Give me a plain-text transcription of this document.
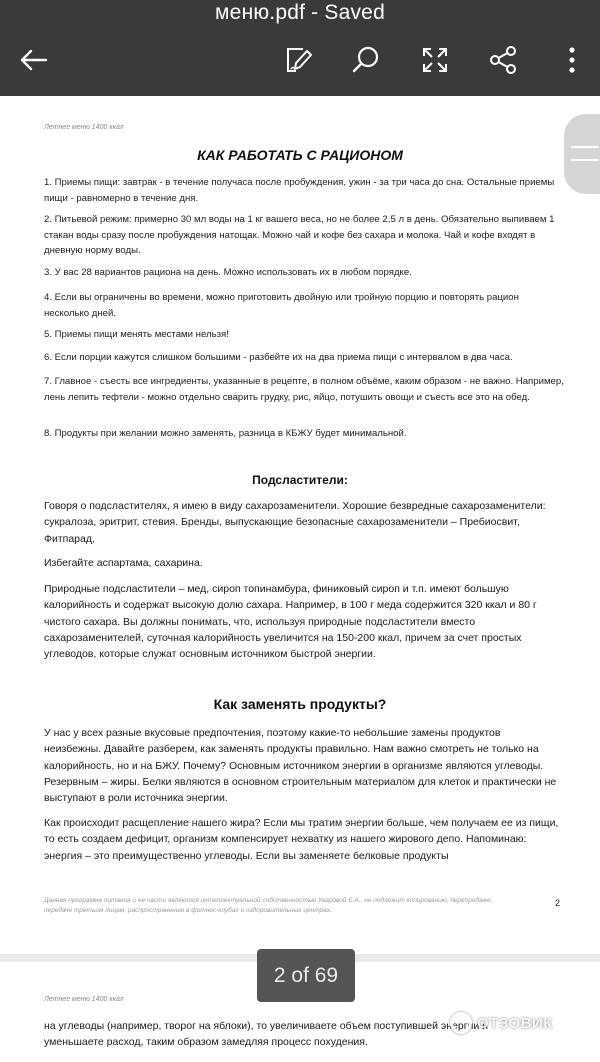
меню.pdf - Saved
Летнее меню 1400 ккал
КАК РАБОТАТЬ С РАЦИОНОМ
1. Приемы пищи: завтрак - в течение получаса после пробуждения, ужин - за три часа до сна. Остальные приемы пищи - равномерно в течение дня.
2. Питьевой режим: примерно 30 мл воды на 1 кг вашего веса, но не более 2,5 л в день. Обязательно выпиваем 1 стакан воды сразу после пробуждения натощак. Можно чай и кофе без сахара и молока. Чай и кофе входят в дневную норму воды.
3. У вас 28 вариантов рациона на день. Можно использовать их в любом порядке.
4. Если вы ограничены во времени, можно приготовить двойную или тройную порцию и повторять рацион несколько дней.
5. Приемы пищи менять местами нельзя!
6. Если порции кажутся слишком большими - разбейте их на два приема пищи с интервалом в два часа.
7. Главное - съесть все ингредиенты, указанные в рецепте, в полном объёме, каким образом - не важно. Например, лень лепить тефтели - можно отдельно сварить грудку, рис, яйцо, потушить овощи и съесть все это на обед.
8. Продукты при желании можно заменять, разница в КБЖУ будет минимальной.
Подсластители:
Говоря о подсластителях, я имею в виду сахарозаменители. Хорошие безвредные сахарозаменители: сукралоза, эритрит, стевия. Бренды, выпускающие безопасные сахарозаменители – Пребиосвит, Фитпарад.
Избегайте аспартама, сахарина.
Природные подсластители – мед, сироп топинамбура, финиковый сироп и т.п. имеют большую калорийность и содержат высокую долю сахара. Например, в 100 г меда содержится 320 ккал и 80 г чистого сахара. Вы должны понимать, что, используя природные подсластители вместо сахарозаменителей, суточная калорийность увеличится на 150-200 ккал, причем за счет простых углеводов, которые служат основным источником быстрой энергии.
Как заменять продукты?
У нас у всех разные вкусовые предпочтения, поэтому какие-то небольшие замены продуктов неизбежны. Давайте разберем, как заменять продукты правильно. Нам важно смотреть не только на калорийность, но и на БЖУ. Почему? Основным источником энергии в организме являются углеводы. Резервным – жиры. Белки являются в основном строительным материалом для клеток и практически не выступают в роли источника энергии.
Как происходит расщепление нашего жира? Если мы тратим энергии больше, чем получаем ее из пищи, то есть создаем дефицит, организм компенсирует нехватку из нашего жирового депо. Напоминаю: энергия – это преимущественно углеводы. Если вы заменяете белковые продукты
Данная программа питания и ее части являются интеллектуальной собственностью Уваровой Е.А., не подлежит копированию, перепродаже, передаче третьим лицам, распространению в фитнес-клубах и оздоровительных центрах.
2
Летнее меню 1400 ккал
на углеводы (например, творог на яблоки), то увеличиваете объем поступившей энергии и уменьшаете расход, таким образом замедляя процесс похудения.
2 of 69
ОТЗОВИК
